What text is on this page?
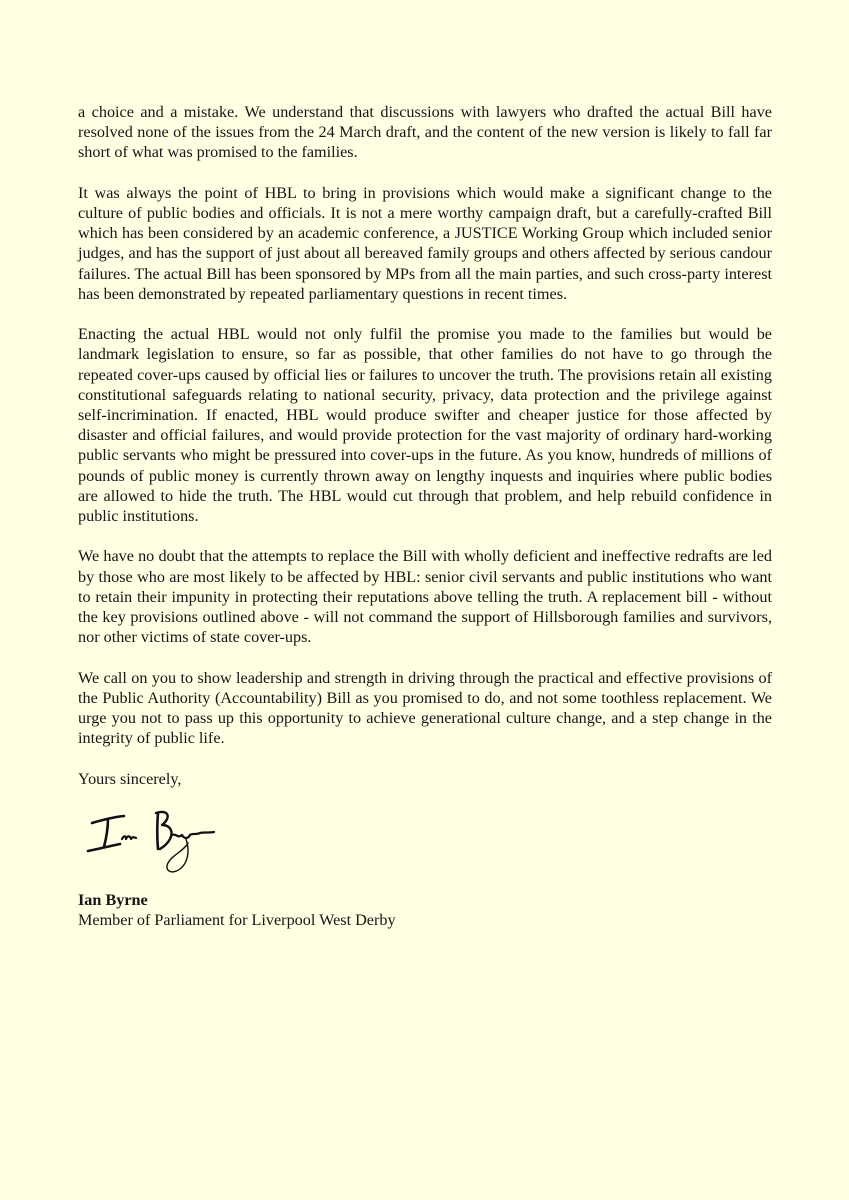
a choice and a mistake. We understand that discussions with lawyers who drafted the actual Bill have resolved none of the issues from the 24 March draft, and the content of the new version is likely to fall far short of what was promised to the families.

It was always the point of HBL to bring in provisions which would make a significant change to the culture of public bodies and officials. It is not a mere worthy campaign draft, but a carefully-crafted Bill which has been considered by an academic conference, a JUSTICE Working Group which included senior judges, and has the support of just about all bereaved family groups and others affected by serious candour failures. The actual Bill has been sponsored by MPs from all the main parties, and such cross-party interest has been demonstrated by repeated parliamentary questions in recent times.

Enacting the actual HBL would not only fulfil the promise you made to the families but would be landmark legislation to ensure, so far as possible, that other families do not have to go through the repeated cover-ups caused by official lies or failures to uncover the truth. The provisions retain all existing constitutional safeguards relating to national security, privacy, data protection and the privilege against self-incrimination. If enacted, HBL would produce swifter and cheaper justice for those affected by disaster and official failures, and would provide protection for the vast majority of ordinary hard-working public servants who might be pressured into cover-ups in the future. As you know, hundreds of millions of pounds of public money is currently thrown away on lengthy inquests and inquiries where public bodies are allowed to hide the truth. The HBL would cut through that problem, and help rebuild confidence in public institutions.

We have no doubt that the attempts to replace the Bill with wholly deficient and ineffective redrafts are led by those who are most likely to be affected by HBL: senior civil servants and public institutions who want to retain their impunity in protecting their reputations above telling the truth. A replacement bill - without the key provisions outlined above - will not command the support of Hillsborough families and survivors, nor other victims of state cover-ups.

We call on you to show leadership and strength in driving through the practical and effective provisions of the Public Authority (Accountability) Bill as you promised to do, and not some toothless replacement. We urge you not to pass up this opportunity to achieve generational culture change, and a step change in the integrity of public life.

Yours sincerely,

Ian Byrne

Member of Parliament for Liverpool West Derby
